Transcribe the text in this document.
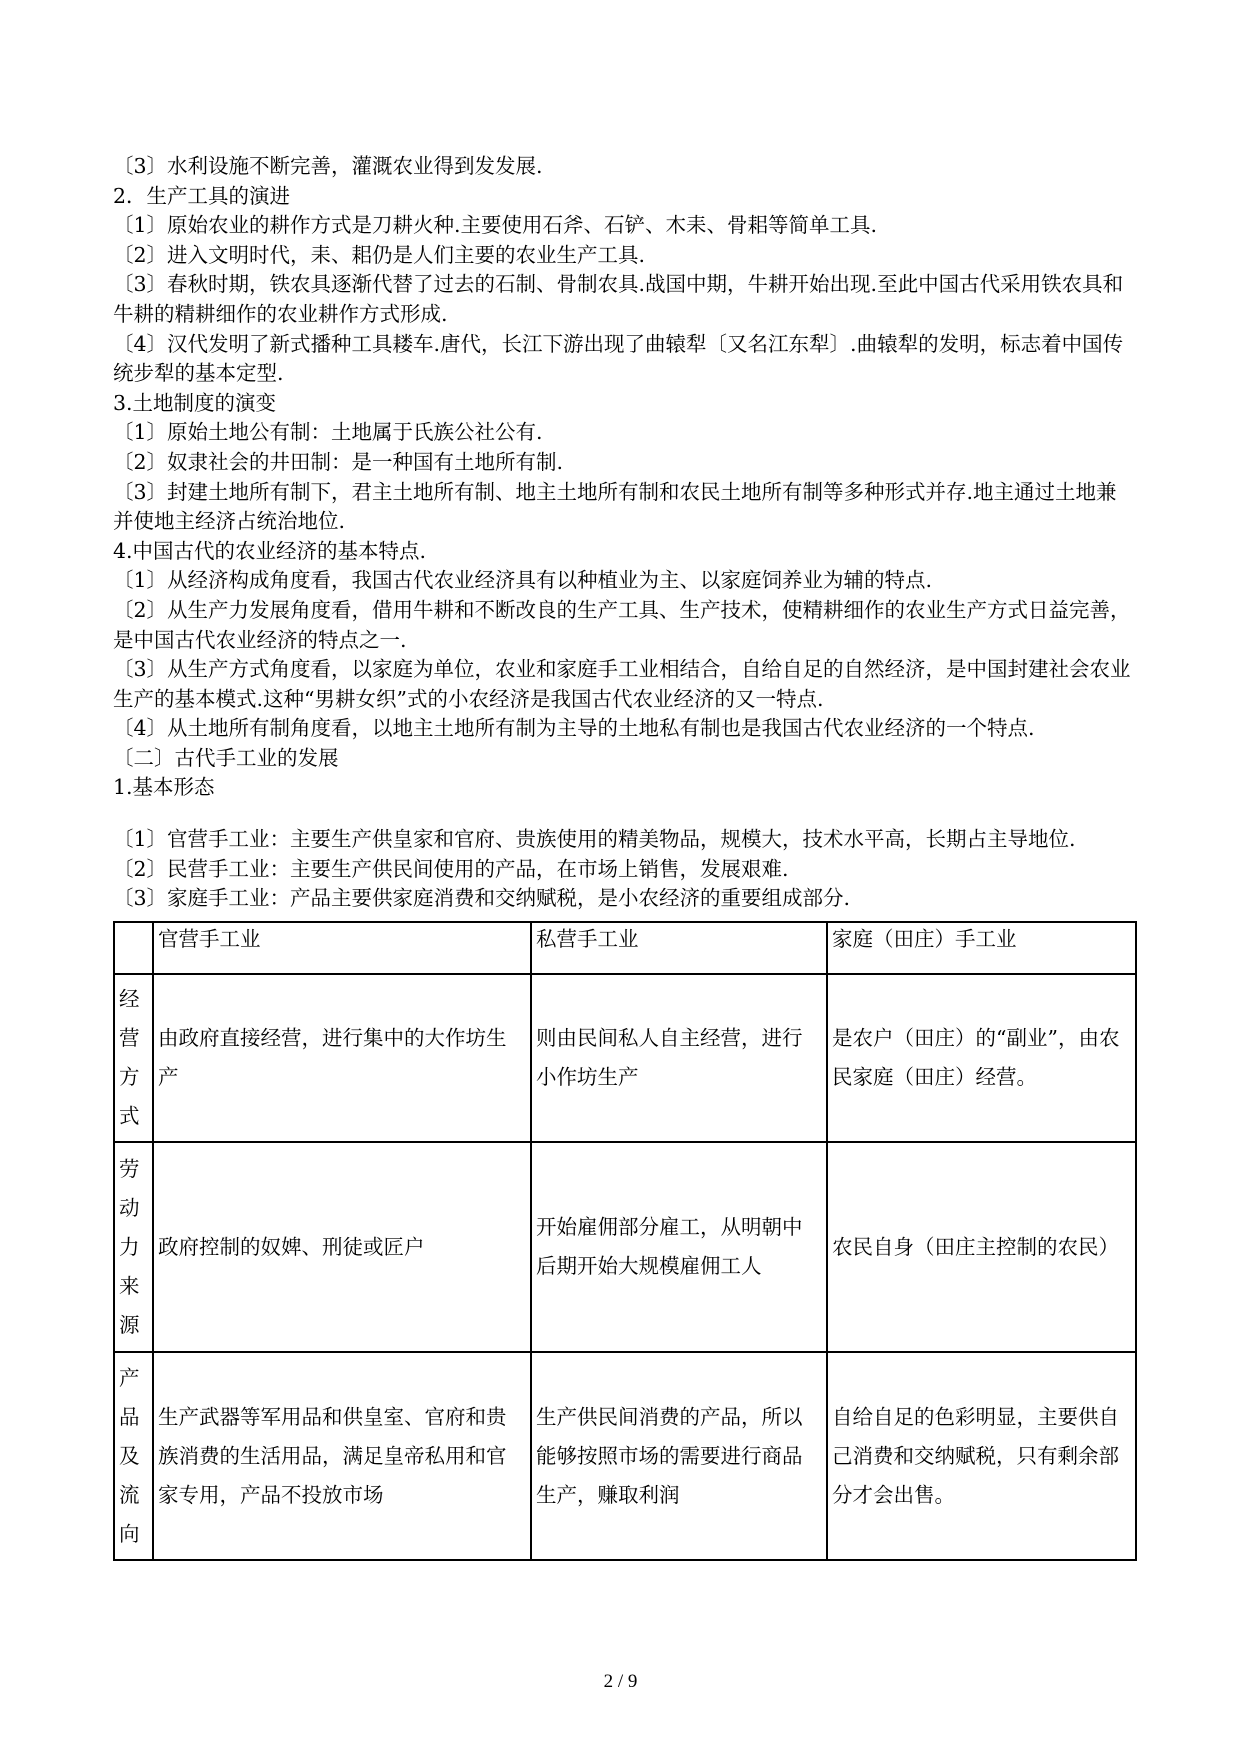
〔3〕水利设施不断完善，灌溉农业得到发发展.
2．生产工具的演进
〔1〕原始农业的耕作方式是刀耕火种.主要使用石斧、石铲、木耒、骨耜等简单工具.
〔2〕进入文明时代，耒、耜仍是人们主要的农业生产工具.
〔3〕春秋时期，铁农具逐渐代替了过去的石制、骨制农具.战国中期，牛耕开始出现.至此中国古代采用铁农具和牛耕的精耕细作的农业耕作方式形成.
〔4〕汉代发明了新式播种工具耧车.唐代，长江下游出现了曲辕犁〔又名江东犁〕.曲辕犁的发明，标志着中国传统步犁的基本定型.
3.土地制度的演变
〔1〕原始土地公有制：土地属于氏族公社公有.
〔2〕奴隶社会的井田制：是一种国有土地所有制.
〔3〕封建土地所有制下，君主土地所有制、地主土地所有制和农民土地所有制等多种形式并存.地主通过土地兼并使地主经济占统治地位.
4.中国古代的农业经济的基本特点.
〔1〕从经济构成角度看，我国古代农业经济具有以种植业为主、以家庭饲养业为辅的特点.
〔2〕从生产力发展角度看，借用牛耕和不断改良的生产工具、生产技术，使精耕细作的农业生产方式日益完善，是中国古代农业经济的特点之一.
〔3〕从生产方式角度看，以家庭为单位，农业和家庭手工业相结合，自给自足的自然经济，是中国封建社会农业生产的基本模式.这种“男耕女织”式的小农经济是我国古代农业经济的又一特点.
〔4〕从土地所有制角度看，以地主土地所有制为主导的土地私有制也是我国古代农业经济的一个特点.
〔二〕古代手工业的发展
1.基本形态
〔1〕官营手工业：主要生产供皇家和官府、贵族使用的精美物品，规模大，技术水平高，长期占主导地位.
〔2〕民营手工业：主要生产供民间使用的产品，在市场上销售，发展艰难.
〔3〕家庭手工业：产品主要供家庭消费和交纳赋税，是小农经济的重要组成部分.
	官营手工业	私营手工业	家庭（田庄）手工业
经营方式	由政府直接经营，进行集中的大作坊生产	则由民间私人自主经营，进行小作坊生产	是农户（田庄）的“副业”，由农民家庭（田庄）经营。
劳动力来源	政府控制的奴婢、刑徒或匠户	开始雇佣部分雇工，从明朝中后期开始大规模雇佣工人	农民自身（田庄主控制的农民）
产品及流向	生产武器等军用品和供皇室、官府和贵族消费的生活用品，满足皇帝私用和官家专用，产品不投放市场	生产供民间消费的产品，所以能够按照市场的需要进行商品生产，赚取利润	自给自足的色彩明显，主要供自己消费和交纳赋税，只有剩余部分才会出售。
2 / 9
